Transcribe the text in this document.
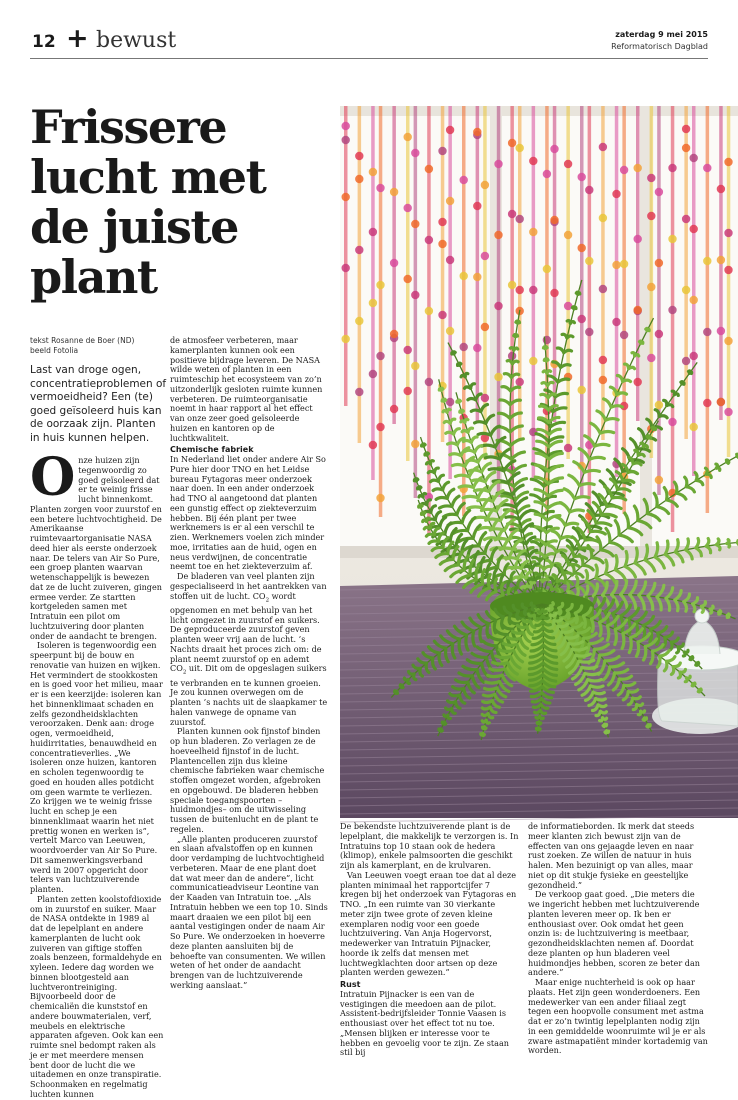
12 + bewust	zaterdag 9 mei 2015
Reformatorisch Dagblad
Frissere lucht met de juiste plant
tekst Rosanne de Boer (ND)
beeld Fotolia

Last van droge ogen, concentratieproblemen of vermoeidheid? Een (te) goed geïsoleerd huis kan de oorzaak zijn. Planten in huis kunnen helpen.

O nze huizen zijn tegenwoordig zo goed geïsoleerd dat er te weinig frisse lucht binnenkomt. Planten zorgen voor zuurstof en een betere luchtvochtigheid. De Amerikaanse ruimtevaartorganisatie NASA deed hier als eerste onderzoek naar. De telers van Air So Pure, een groep planten waarvan wetenschappelijk is bewezen dat ze de lucht zuiveren, gingen ermee verder. Ze startten kortgeleden samen met Intratuin een pilot om luchtzuivering door planten onder de aandacht te brengen.

Isoleren is tegenwoordig een speerpunt bij de bouw en renovatie van huizen en wijken. Het vermindert de stookkosten en is goed voor het milieu, maar er is een keerzijde: isoleren kan het binnenklimaat schaden en zelfs gezondheidsklachten veroorzaken. Denk aan: droge ogen, vermoeidheid, huidirritaties, benauwdheid en concentratieverlies. „We isoleren onze huizen, kantoren en scholen tegenwoordig te goed en houden alles potdicht om geen warmte te verliezen. Zo krijgen we te weinig frisse lucht en schep je een binnenklimaat waarin het niet prettig wonen en werken is”, vertelt Marco van Leeuwen, woordvoerder van Air So Pure. Dit samenwerkingsverband werd in 2007 opgericht door telers van luchtzuiverende planten.

Planten zetten koolstofdioxide om in zuurstof en suiker. Maar de NASA ontdekte in 1989 al dat de lepelplant en andere kamerplanten de lucht ook zuiveren van giftige stoffen zoals benzeen, formaldehyde en xyleen. Iedere dag worden we binnen blootgesteld aan luchtverontreiniging. Bijvoorbeeld door de chemicaliën die kunststof en andere bouwmaterialen, verf, meubels en elektrische apparaten afgeven. Ook kan een ruimte snel bedompt raken als je er met meerdere mensen bent door de lucht die we uitademen en onze transpiratie. Schoonmaken en regelmatig luchten kunnen

de atmosfeer verbeteren, maar kamerplanten kunnen ook een positieve bijdrage leveren. De NASA wilde weten of planten in een ruimteschip het ecosysteem van zo’n uitzonderlijk gesloten ruimte kunnen verbeteren. De ruimteorganisatie noemt in haar rapport al het effect van onze zeer goed geïsoleerde huizen en kantoren op de luchtkwaliteit.

Chemische fabriek

In Nederland liet onder andere Air So Pure hier door TNO en het Leidse bureau Fytagoras meer onderzoek naar doen. In een ander onderzoek had TNO al aangetoond dat planten een gunstig effect op ziekteverzuim hebben. Bij één plant per twee werknemers is er al een verschil te zien. Werknemers voelen zich minder moe, irritaties aan de huid, ogen en neus verdwijnen, de concentratie neemt toe en het ziekteverzuim af.

De bladeren van veel planten zijn gespecialiseerd in het aantrekken van stoffen uit de lucht. $CO_2$ wordt opgenomen en met behulp van het licht omgezet in zuurstof en suikers. De geproduceerde zuurstof geven planten weer vrij aan de lucht. ’s Nachts draait het proces zich om: de plant neemt zuurstof op en ademt $CO_2$ uit. Dit om de opgeslagen suikers te verbranden en te kunnen groeien. Je zou kunnen overwegen om de planten ’s nachts uit de slaapkamer te halen vanwege de opname van zuurstof.

Planten kunnen ook fijnstof binden op hun bladeren. Zo verlagen ze de hoeveelheid fijnstof in de lucht. Plantencellen zijn dus kleine chemische fabrieken waar chemische stoffen omgezet worden, afgebroken en opgebouwd. De bladeren hebben speciale toegangspoorten –huidmondjes– om de uitwisseling tussen de buitenlucht en de plant te regelen.

„Alle planten produceren zuurstof en slaan afvalstoffen op en kunnen door verdamping de luchtvochtigheid verbeteren. Maar de ene plant doet dat wat meer dan de andere”, licht communicatieadviseur Leontine van der Kaaden van Intratuin toe. „Als Intratuin hebben we een top 10. Sinds maart draaien we een pilot bij een aantal vestigingen onder de naam Air So Pure. We onderzoeken in hoeverre deze planten aansluiten bij de behoefte van consumenten. We willen weten of het onder de aandacht brengen van de luchtzuiverende werking aanslaat.”

De bekendste luchtzuiverende plant is de lepelplant, die makkelijk te verzorgen is. In Intratuins top 10 staan ook de hedera (klimop), enkele palmsoorten die geschikt zijn als kamerplant, en de krulvaren.

Van Leeuwen voegt eraan toe dat al deze planten minimaal het rapportcijfer 7 kregen bij het onderzoek van Fytagoras en TNO. „In een ruimte van 30 vierkante meter zijn twee grote of zeven kleine exemplaren nodig voor een goede luchtzuivering. Van Anja Hogervorst, medewerker van Intratuin Pijnacker, hoorde ik zelfs dat mensen met luchtwegklachten door artsen op deze planten werden gewezen.”

Rust

Intratuin Pijnacker is een van de vestigingen die meedoen aan de pilot. Assistent-bedrijfsleider Tonnie Vaasen is enthousiast over het effect tot nu toe. „Mensen blijken er interesse voor te hebben en gevoelig voor te zijn. Ze staan stil bij

de informatieborden. Ik merk dat steeds meer klanten zich bewust zijn van de effecten van ons gejaagde leven en naar rust zoeken. Ze willen de natuur in huis halen. Men bezuinigt op van alles, maar niet op dit stukje fysieke en geestelijke gezondheid.”

De verkoop gaat goed. „Die meters die we ingericht hebben met luchtzuiverende planten leveren meer op. Ik ben er enthousiast over. Ook omdat het geen onzin is: de luchtzuivering is meetbaar, gezondheidsklachten nemen af. Doordat deze planten op hun bladeren veel huidmondjes hebben, scoren ze beter dan andere.”

Maar enige nuchterheid is ook op haar plaats. Het zijn geen wonderdoeners. Een medewerker van een ander filiaal zegt tegen een hoopvolle consument met astma dat er zo’n twintig lepelplanten nodig zijn in een gemiddelde woonruimte wil je er als zware astmapatiënt minder kortademig van worden.
